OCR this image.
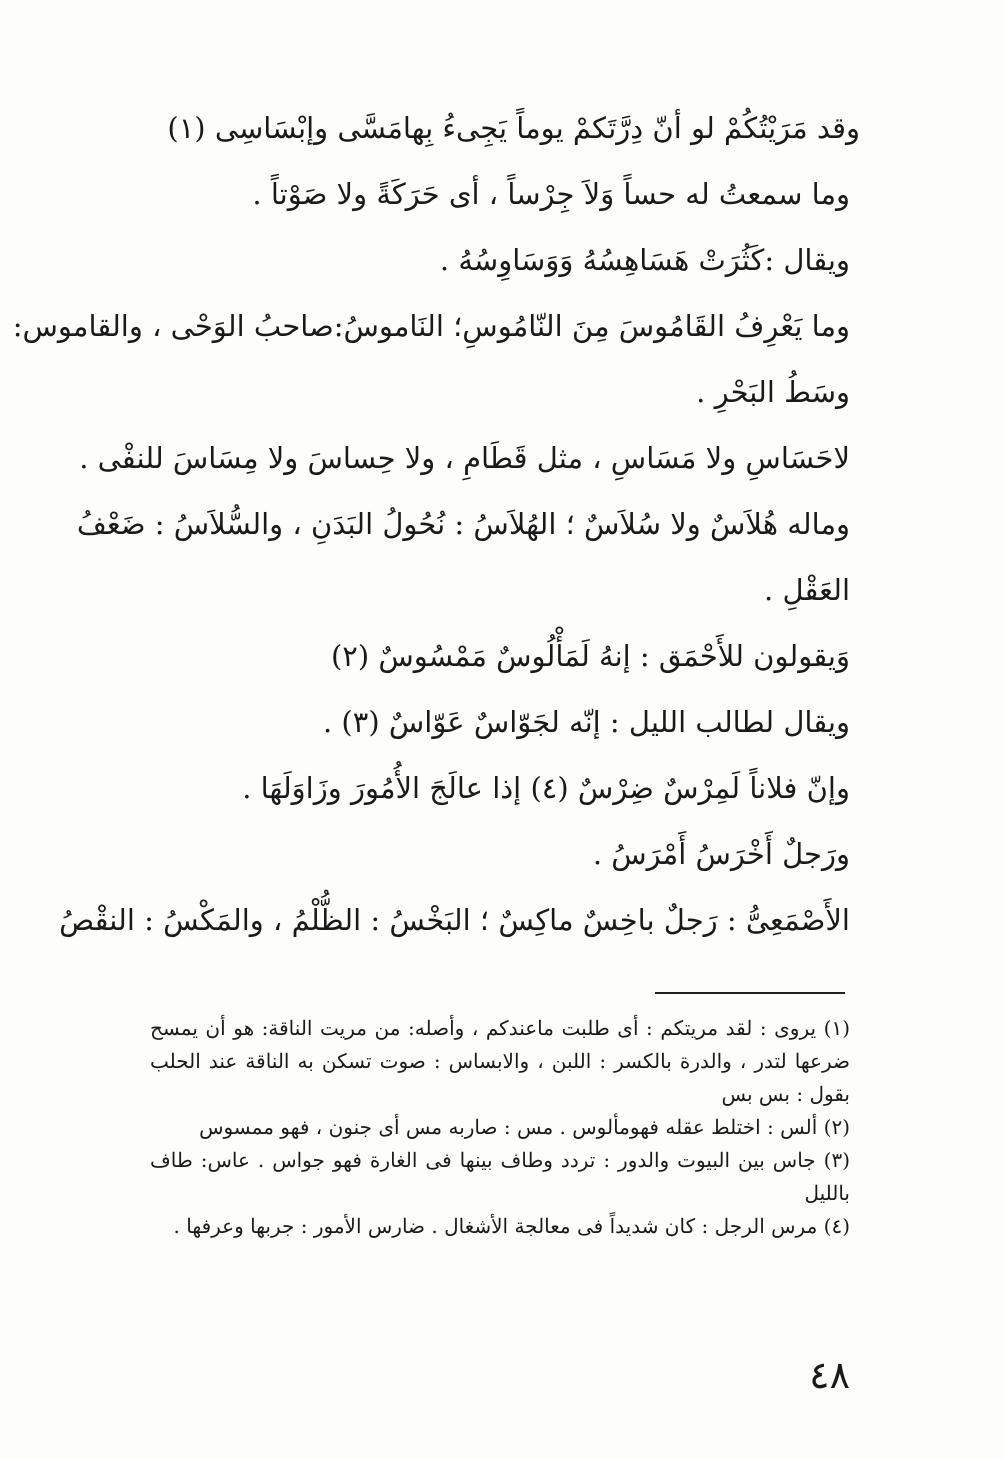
وقد مَرَيْتُكُمْ لو أنّ دِرَّتَكمْ يوماً يَجِىءُ بِهامَسَّى وإبْسَاسِى (١)
وما سمعتُ له حساً وَلاَ جِرْساً ، أى حَرَكَةً ولا صَوْتاً .
ويقال :كَثُرَتْ هَسَاهِسُهُ وَوَسَاوِسُهُ .
وما يَعْرِفُ القَامُوسَ مِنَ النّامُوسِ؛ النَاموسُ:صاحبُ الوَحْى ، والقاموس:
وسَطُ البَحْرِ .
لاحَسَاسِ ولا مَسَاسِ ، مثل قَطَامِ ، ولا حِساسَ ولا مِسَاسَ للنفْى .
وماله هُلاَسٌ ولا سُلاَسٌ ؛ الهُلاَسُ : نُحُولُ البَدَنِ ، والسُّلاَسُ : ضَعْفُ
العَقْلِ .
وَيقولون للأَحْمَق : إنهُ لَمَأْلُوسٌ مَمْسُوسٌ (٢)
ويقال لطالب الليل : إنّه لجَوّاسٌ عَوّاسٌ (٣) .
وإنّ فلاناً لَمِرْسٌ ضِرْسٌ (٤) إذا عالَجَ الأُمُورَ وزَاوَلَهَا .
ورَجلٌ أَخْرَسُ أَمْرَسُ .
الأَصْمَعِىُّ : رَجلٌ باخِسٌ ماكِسٌ ؛ البَخْسُ : الظُّلْمُ ، والمَكْسُ : النقْصُ
(١) يروى : لقد مريتكم : أى طلبت ماعندكم ، وأصله: من مريت الناقة: هو أن يمسح ضرعها لتدر ، والدرة بالكسر : اللبن ، والابساس : صوت تسكن به الناقة عند الحلب بقول : بس بس
(٢) ألس : اختلط عقله فهومألوس . مس : صاربه مس أى جنون ، فهو ممسوس
(٣) جاس بين البيوت والدور : تردد وطاف بينها فى الغارة فهو جواس . عاس: طاف بالليل
(٤) مرس الرجل : كان شديداً فى معالجة الأشغال . ضارس الأمور : جربها وعرفها .
٤٨
